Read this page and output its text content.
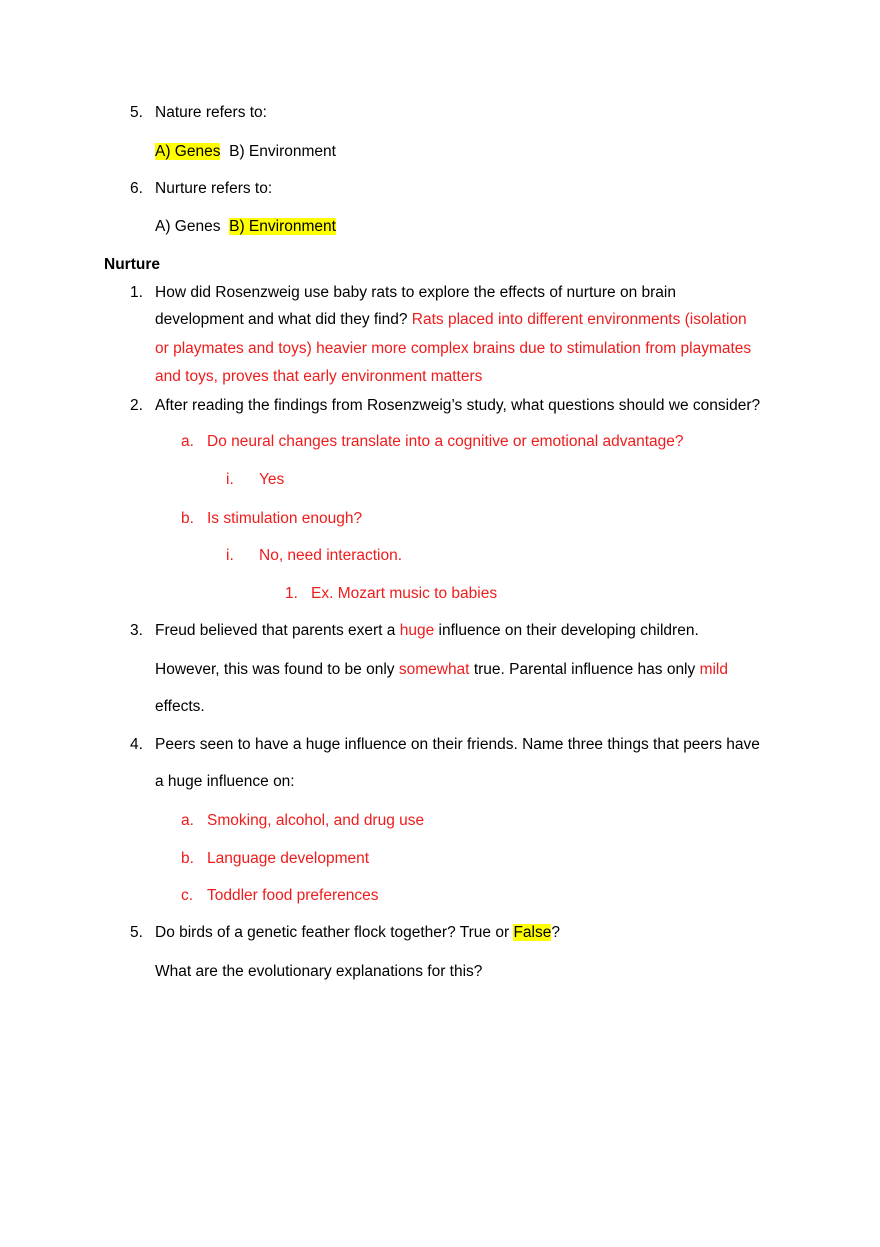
5. Nature refers to:
A) Genes B) Environment
6. Nurture refers to:
A) Genes B) Environment
Nurture
1. How did Rosenzweig use baby rats to explore the effects of nurture on brain
development and what did they find? Rats placed into different environments (isolation
or playmates and toys) heavier more complex brains due to stimulation from playmates
and toys, proves that early environment matters
2. After reading the findings from Rosenzweig’s study, what questions should we consider?
a. Do neural changes translate into a cognitive or emotional advantage?
i. Yes
b. Is stimulation enough?
i. No, need interaction.
1. Ex. Mozart music to babies
3. Freud believed that parents exert a huge influence on their developing children.
However, this was found to be only somewhat true. Parental influence has only mild
effects.
4. Peers seen to have a huge influence on their friends. Name three things that peers have
a huge influence on:
a. Smoking, alcohol, and drug use
b. Language development
c. Toddler food preferences
5. Do birds of a genetic feather flock together? True or False?
What are the evolutionary explanations for this?
